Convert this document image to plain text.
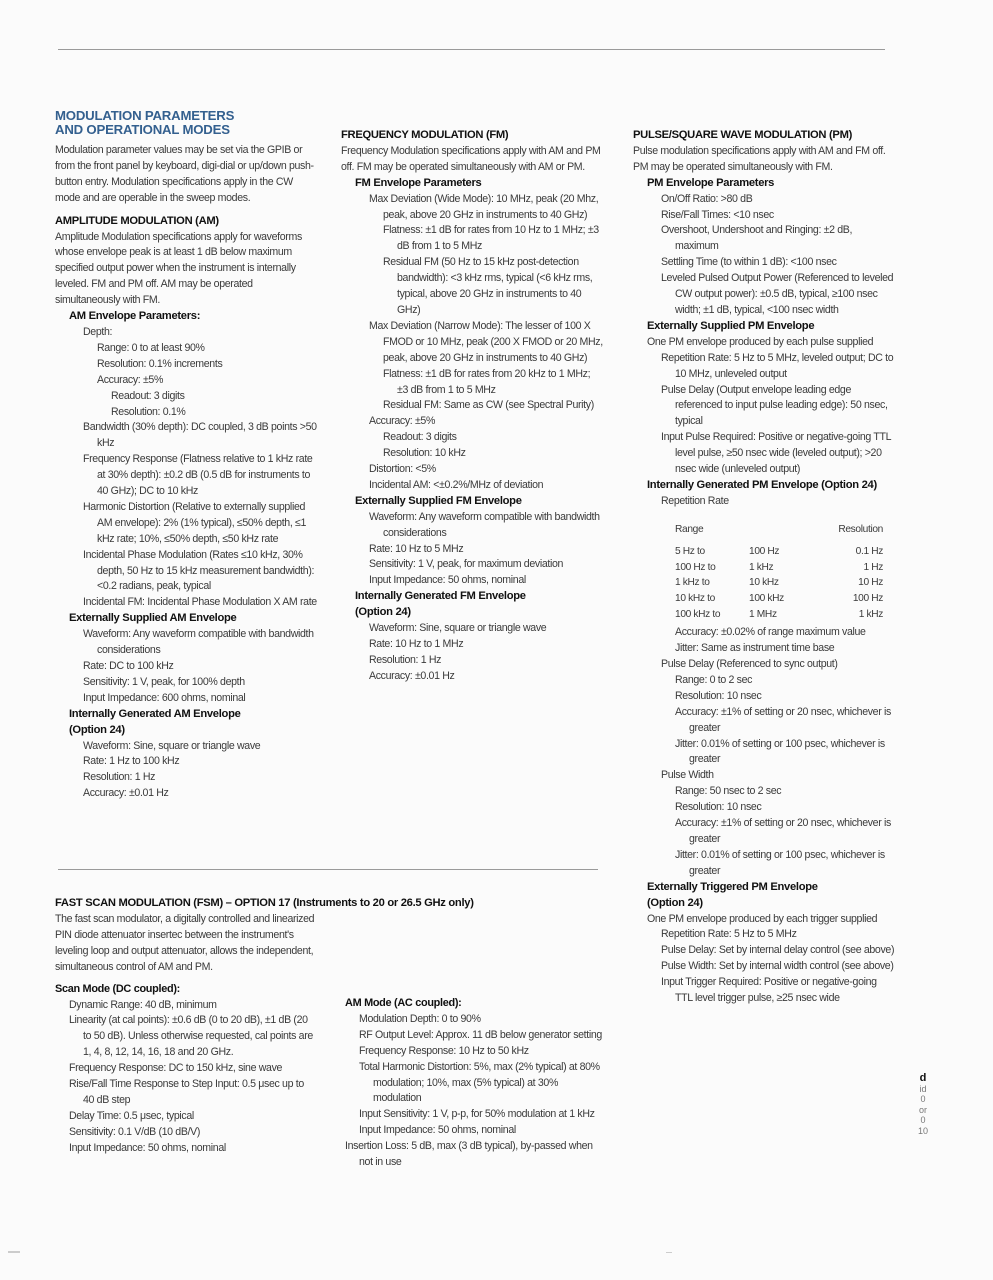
MODULATION PARAMETERS
AND OPERATIONAL MODES

Modulation parameter values may be set via the GPIB or from the front panel by keyboard, digi-dial or up/down push-button entry. Modulation specifications apply in the CW mode and are operable in the sweep modes.

AMPLITUDE MODULATION (AM)

Amplitude Modulation specifications apply for waveforms whose envelope peak is at least 1 dB below maximum specified output power when the instrument is internally leveled. FM and PM off. AM may be operated simultaneously with FM.

AM Envelope Parameters:

Depth:

Range: 0 to at least 90%

Resolution: 0.1% increments

Accuracy: ±5%

Readout: 3 digits

Resolution: 0.1%

Bandwidth (30% depth): DC coupled, 3 dB points >50 kHz

Frequency Response (Flatness relative to 1 kHz rate at 30% depth): ±0.2 dB (0.5 dB for instruments to 40 GHz); DC to 10 kHz

Harmonic Distortion (Relative to externally supplied AM envelope): 2% (1% typical), ≤50% depth, ≤1 kHz rate; 10%, ≤50% depth, ≤50 kHz rate

Incidental Phase Modulation (Rates ≤10 kHz, 30% depth, 50 Hz to 15 kHz measurement bandwidth): <0.2 radians, peak, typical

Incidental FM: Incidental Phase Modulation X AM rate

Externally Supplied AM Envelope

Waveform: Any waveform compatible with bandwidth considerations

Rate: DC to 100 kHz

Sensitivity: 1 V, peak, for 100% depth

Input Impedance: 600 ohms, nominal

Internally Generated AM Envelope
(Option 24)

Waveform: Sine, square or triangle wave

Rate: 1 Hz to 100 kHz

Resolution: 1 Hz

Accuracy: ±0.01 Hz

FREQUENCY MODULATION (FM)

Frequency Modulation specifications apply with AM and PM off. FM may be operated simultaneously with AM or PM.

FM Envelope Parameters

Max Deviation (Wide Mode): 10 MHz, peak (20 Mhz, peak, above 20 GHz in instruments to 40 GHz)

Flatness: ±1 dB for rates from 10 Hz to 1 MHz; ±3 dB from 1 to 5 MHz

Residual FM (50 Hz to 15 kHz post-detection bandwidth): <3 kHz rms, typical (<6 kHz rms, typical, above 20 GHz in instruments to 40 GHz)

Max Deviation (Narrow Mode): The lesser of 100 X FMOD or 10 MHz, peak (200 X FMOD or 20 MHz, peak, above 20 GHz in instruments to 40 GHz)

Flatness: ±1 dB for rates from 20 kHz to 1 MHz; ±3 dB from 1 to 5 MHz

Residual FM: Same as CW (see Spectral Purity)

Accuracy: ±5%

Readout: 3 digits

Resolution: 10 kHz

Distortion: <5%

Incidental AM: <±0.2%/MHz of deviation

Externally Supplied FM Envelope

Waveform: Any waveform compatible with bandwidth considerations

Rate: 10 Hz to 5 MHz

Sensitivity: 1 V, peak, for maximum deviation

Input Impedance: 50 ohms, nominal

Internally Generated FM Envelope
(Option 24)

Waveform: Sine, square or triangle wave

Rate: 10 Hz to 1 MHz

Resolution: 1 Hz

Accuracy: ±0.01 Hz

PULSE/SQUARE WAVE MODULATION (PM)

Pulse modulation specifications apply with AM and FM off. PM may be operated simultaneously with FM.

PM Envelope Parameters

On/Off Ratio: >80 dB

Rise/Fall Times: <10 nsec

Overshoot, Undershoot and Ringing: ±2 dB, maximum

Settling Time (to within 1 dB): <100 nsec

Leveled Pulsed Output Power (Referenced to leveled CW output power): ±0.5 dB, typical, ≥100 nsec width; ±1 dB, typical, <100 nsec width

Externally Supplied PM Envelope

One PM envelope produced by each pulse supplied

Repetition Rate: 5 Hz to 5 MHz, leveled output; DC to 10 MHz, unleveled output

Pulse Delay (Output envelope leading edge referenced to input pulse leading edge): 50 nsec, typical

Input Pulse Required: Positive or negative-going TTL level pulse, ≥50 nsec wide (leveled output); >20 nsec wide (unleveled output)

Internally Generated PM Envelope (Option 24)

Repetition Rate

Range		Resolution
5 Hz to	100 Hz	0.1 Hz
100 Hz to	1 kHz	1 Hz
1 kHz to	10 kHz	10 Hz
10 kHz to	100 kHz	100 Hz
100 kHz to	1 MHz	1 kHz

Accuracy: ±0.02% of range maximum value

Jitter: Same as instrument time base

Pulse Delay (Referenced to sync output)

Range: 0 to 2 sec

Resolution: 10 nsec

Accuracy: ±1% of setting or 20 nsec, whichever is greater

Jitter: 0.01% of setting or 100 psec, whichever is greater

Pulse Width

Range: 50 nsec to 2 sec

Resolution: 10 nsec

Accuracy: ±1% of setting or 20 nsec, whichever is greater

Jitter: 0.01% of setting or 100 psec, whichever is greater

Externally Triggered PM Envelope
(Option 24)

One PM envelope produced by each trigger supplied

Repetition Rate: 5 Hz to 5 MHz

Pulse Delay: Set by internal delay control (see above)

Pulse Width: Set by internal width control (see above)

Input Trigger Required: Positive or negative-going TTL level trigger pulse, ≥25 nsec wide

FAST SCAN MODULATION (FSM) – OPTION 17 (Instruments to 20 or 26.5 GHz only)

The fast scan modulator, a digitally controlled and linearized PIN diode attenuator insertec between the instrument's leveling loop and output attenuator, allows the independent, simultaneous control of AM and PM.

Scan Mode (DC coupled):

Dynamic Range: 40 dB, minimum

Linearity (at cal points): ±0.6 dB (0 to 20 dB), ±1 dB (20 to 50 dB). Unless otherwise requested, cal points are 1, 4, 8, 12, 14, 16, 18 and 20 GHz.

Frequency Response: DC to 150 kHz, sine wave

Rise/Fall Time Response to Step Input: 0.5 μsec up to 40 dB step

Delay Time: 0.5 μsec, typical

Sensitivity: 0.1 V/dB (10 dB/V)

Input Impedance: 50 ohms, nominal

AM Mode (AC coupled):

Modulation Depth: 0 to 90%

RF Output Level: Approx. 11 dB below generator setting

Frequency Response: 10 Hz to 50 kHz

Total Harmonic Distortion: 5%, max (2% typical) at 80% modulation; 10%, max (5% typical) at 30% modulation

Input Sensitivity: 1 V, p-p, for 50% modulation at 1 kHz

Input Impedance: 50 ohms, nominal

Insertion Loss: 5 dB, max (3 dB typical), by-passed when not in use

d
id
0
or
0
10
